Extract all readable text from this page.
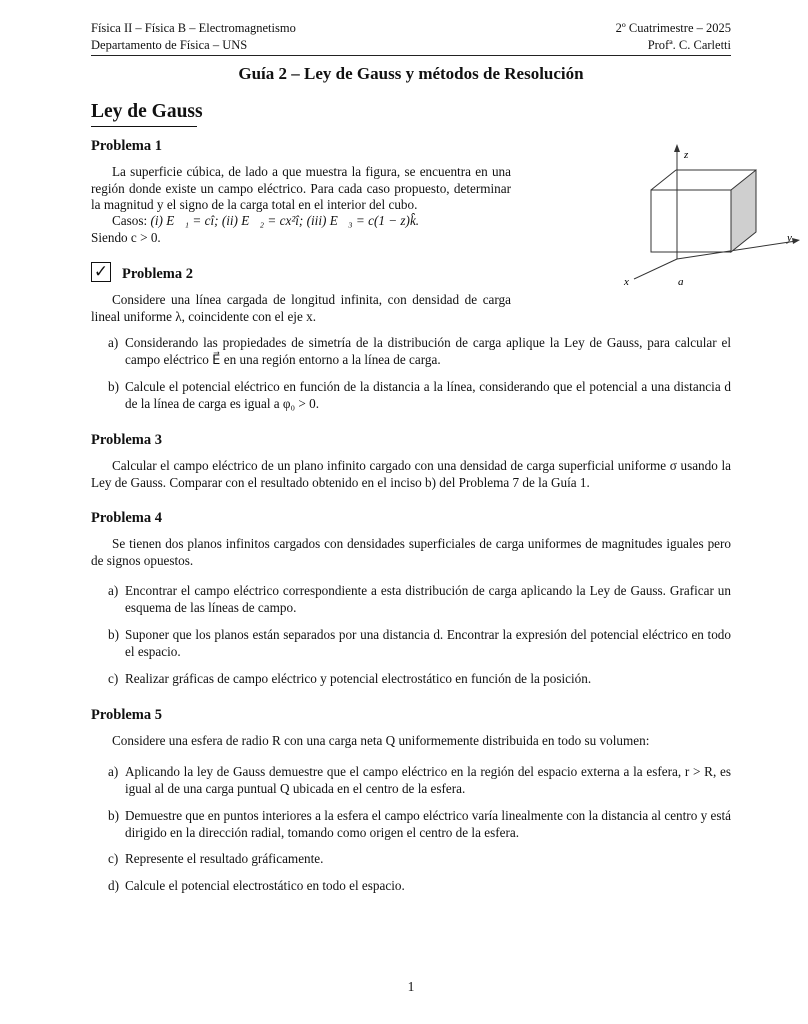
Física II – Física B – Electromagnetismo	2º Cuatrimestre – 2025
Departamento de Física – UNS	Profª. C. Carletti
Guía 2 – Ley de Gauss y métodos de Resolución
Ley de Gauss
Problema 1
La superficie cúbica, de lado a que muestra la figura, se encuentra en una región donde existe un campo eléctrico. Para cada caso propuesto, determinar la magnitud y el signo de la carga total en el interior del cubo.
Casos: (i) E⃗₁ = cî; (ii) E⃗₂ = cx²î; (iii) E⃗₃ = c(1 − z)k̂.
Siendo c > 0.
z
y
x	a
✓ Problema 2
Considere una línea cargada de longitud infinita, con densidad de carga lineal uniforme λ, coincidente con el eje x.
a) Considerando las propiedades de simetría de la distribución de carga aplique la Ley de Gauss, para calcular el campo eléctrico E⃗ en una región entorno a la línea de carga.
b) Calcule el potencial eléctrico en función de la distancia a la línea, considerando que el potencial a una distancia d de la línea de carga es igual a φ₀ > 0.
Problema 3
Calcular el campo eléctrico de un plano infinito cargado con una densidad de carga superficial uniforme σ usando la Ley de Gauss. Comparar con el resultado obtenido en el inciso b) del Problema 7 de la Guía 1.
Problema 4
Se tienen dos planos infinitos cargados con densidades superficiales de carga uniformes de magnitudes iguales pero de signos opuestos.
a) Encontrar el campo eléctrico correspondiente a esta distribución de carga aplicando la Ley de Gauss. Graficar un esquema de las líneas de campo.
b) Suponer que los planos están separados por una distancia d. Encontrar la expresión del potencial eléctrico en todo el espacio.
c) Realizar gráficas de campo eléctrico y potencial electrostático en función de la posición.
Problema 5
Considere una esfera de radio R con una carga neta Q uniformemente distribuida en todo su volumen:
a) Aplicando la ley de Gauss demuestre que el campo eléctrico en la región del espacio externa a la esfera, r > R, es igual al de una carga puntual Q ubicada en el centro de la esfera.
b) Demuestre que en puntos interiores a la esfera el campo eléctrico varía linealmente con la distancia al centro y está dirigido en la dirección radial, tomando como origen el centro de la esfera.
c) Represente el resultado gráficamente.
d) Calcule el potencial electrostático en todo el espacio.
1
